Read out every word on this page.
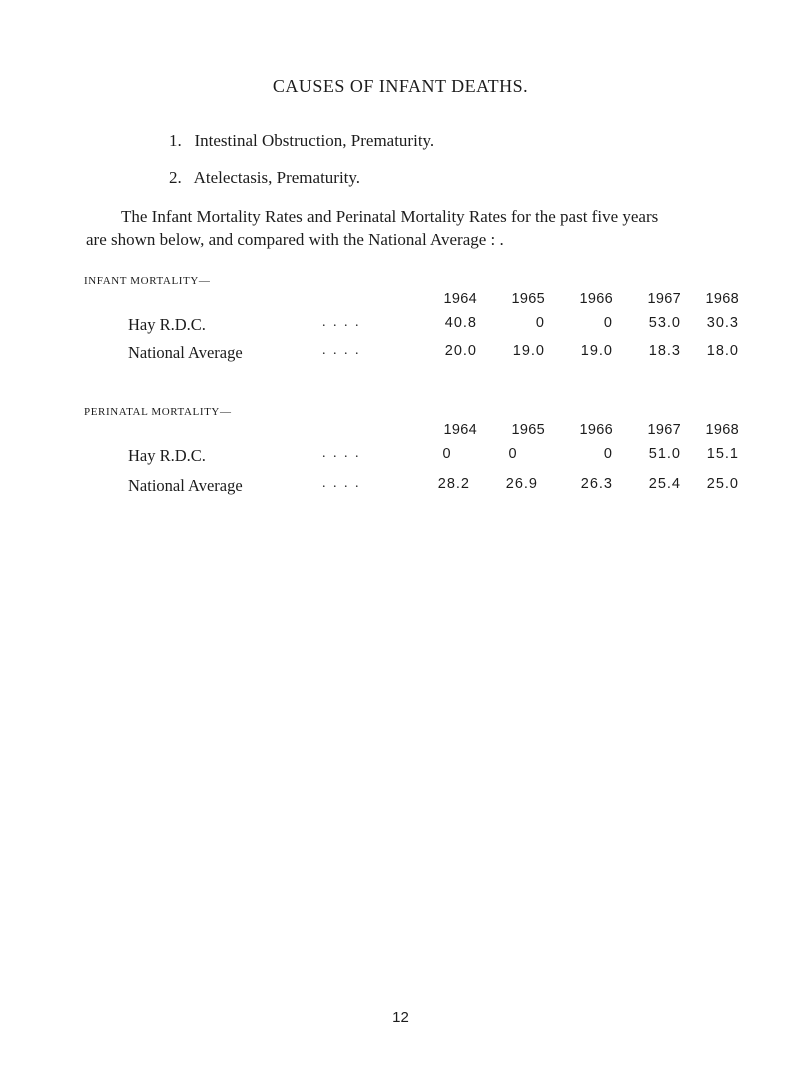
CAUSES OF INFANT DEATHS.
1. Intestinal Obstruction, Prematurity.
2. Atelectasis, Prematurity.

The Infant Mortality Rates and Perinatal Mortality Rates for the past five years
are shown below, and compared with the National Average : .

INFANT MORTALITY—
1964	1965	1966	1967	1968
Hay R.D.C.	. . . .	40.8	0	0	53.0	30.3
National Average	. . . .	20.0	19.0	19.0	18.3	18.0
PERINATAL MORTALITY—
1964	1965	1966	1967	1968
Hay R.D.C.	. . . .	0	0	0	51.0	15.1
National Average	. . . .	28.2	26.9	26.3	25.4	25.0
12
